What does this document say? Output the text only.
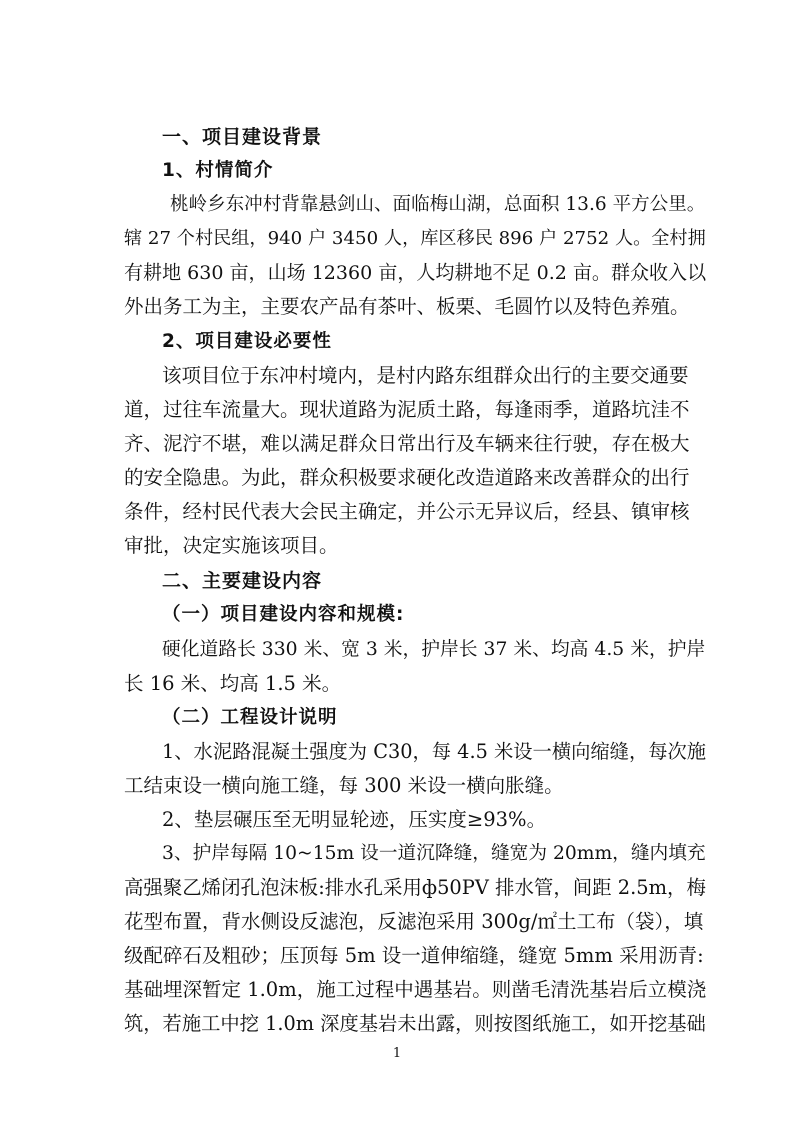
一、项目建设背景
1、村情简介
桃岭乡东冲村背靠悬剑山、面临梅山湖，总面积 13.6 平方公里。
辖 27 个村民组，940 户 3450 人，库区移民 896 户 2752 人。全村拥
有耕地 630 亩，山场 12360 亩，人均耕地不足 0.2 亩。群众收入以
外出务工为主，主要农产品有茶叶、板栗、毛圆竹以及特色养殖。
2、项目建设必要性
该项目位于东冲村境内，是村内路东组群众出行的主要交通要
道，过往车流量大。现状道路为泥质土路，每逢雨季，道路坑洼不
齐、泥泞不堪，难以满足群众日常出行及车辆来往行驶，存在极大
的安全隐患。为此，群众积极要求硬化改造道路来改善群众的出行
条件，经村民代表大会民主确定，并公示无异议后，经县、镇审核
审批，决定实施该项目。
二、主要建设内容
（一）项目建设内容和规模:
硬化道路长 330 米、宽 3 米，护岸长 37 米、均高 4.5 米，护岸
长 16 米、均高 1.5 米。
（二）工程设计说明
1、水泥路混凝土强度为 C30，每 4.5 米设一横向缩缝，每次施
工结束设一横向施工缝，每 300 米设一横向胀缝。
2、垫层碾压至无明显轮迹，压实度≥93%。
3、护岸每隔 10~15m 设一道沉降缝，缝宽为 20mm，缝内填充
高强聚乙烯闭孔泡沫板:排水孔采用ф50PV 排水管，间距 2.5m，梅
花型布置，背水侧设反滤泡，反滤泡采用 300g/㎡土工布（袋），填
级配碎石及粗砂；压顶每 5m 设一道伸缩缝，缝宽 5mm 采用沥青:
基础埋深暂定 1.0m，施工过程中遇基岩。则凿毛清洗基岩后立模浇
筑，若施工中挖 1.0m 深度基岩未出露，则按图纸施工，如开挖基础
1
